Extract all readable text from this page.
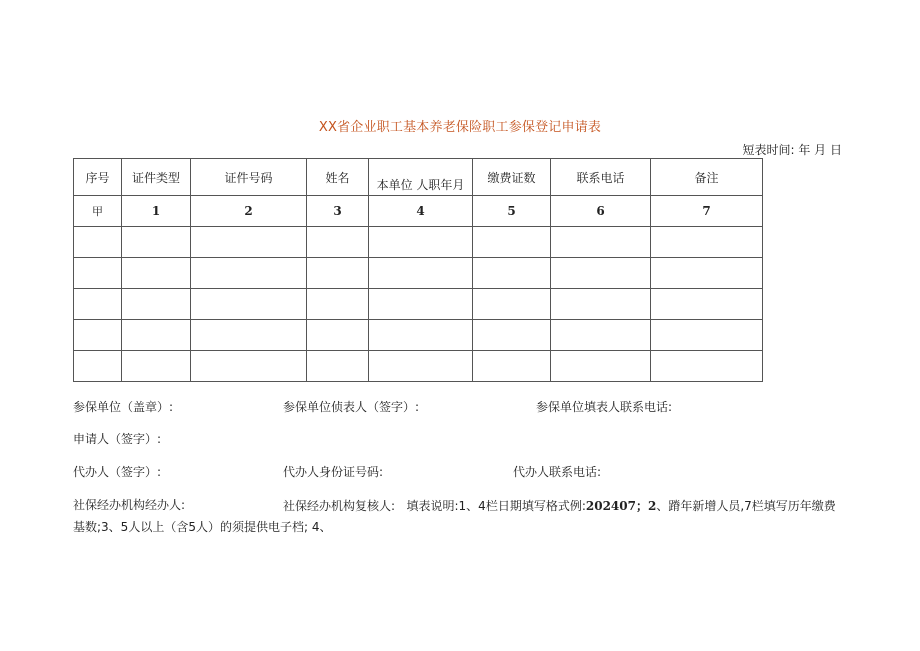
XX省企业职工基本养老保险职工参保登记申请表
短表时间: 年 月 日
序号	证件类型	证件号码	姓名	本单位 人职年月	缴费证数	联系电话	备注
甲	1	2	3	4	5	6	7

参保单位（盖章）:	参保单位侦表人（签字）:	参保单位填表人联系电话:
申请人（签字）:
代办人（签字）:	代办人身份证号码:	代办人联系电话:
社保经办机构经办人:	社保经办机构复核人: 填表说明:1、4栏日期填写格式例:202407；2、蹐年新增人员,7栏填写历年缴费基数;3、5人以上（含5人）的须提供电子档; 4、
